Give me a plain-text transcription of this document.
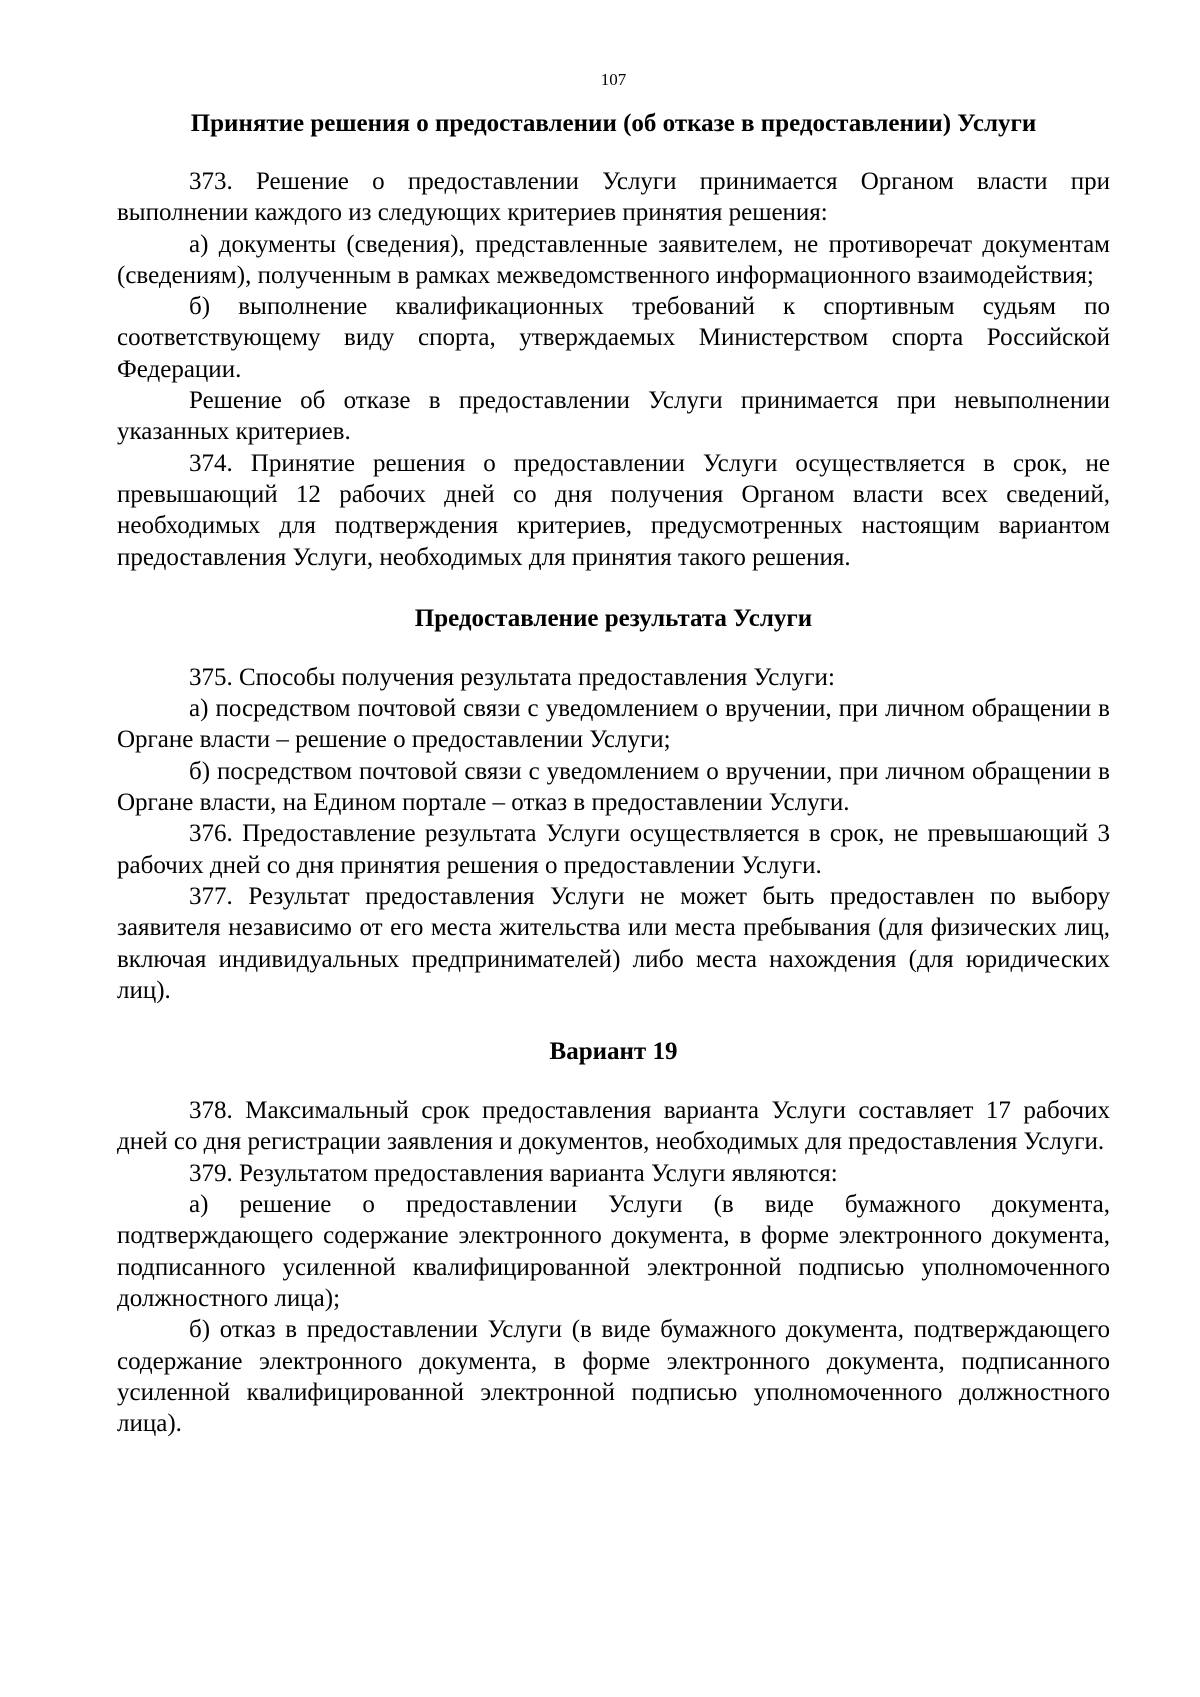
107
Принятие решения о предоставлении (об отказе в предоставлении) Услуги

373. Решение о предоставлении Услуги принимается Органом власти при выполнении каждого из следующих критериев принятия решения:

а) документы (сведения), представленные заявителем, не противоречат документам (сведениям), полученным в рамках межведомственного информационного взаимодействия;

б) выполнение квалификационных требований к спортивным судьям по соответствующему виду спорта, утверждаемых Министерством спорта Российской Федерации.

Решение об отказе в предоставлении Услуги принимается при невыполнении указанных критериев.

374. Принятие решения о предоставлении Услуги осуществляется в срок, не превышающий 12 рабочих дней со дня получения Органом власти всех сведений, необходимых для подтверждения критериев, предусмотренных настоящим вариантом предоставления Услуги, необходимых для принятия такого решения.

Предоставление результата Услуги

375. Способы получения результата предоставления Услуги:

а) посредством почтовой связи с уведомлением о вручении, при личном обращении в Органе власти – решение о предоставлении Услуги;

б) посредством почтовой связи с уведомлением о вручении, при личном обращении в Органе власти, на Едином портале – отказ в предоставлении Услуги.

376. Предоставление результата Услуги осуществляется в срок, не превышающий 3 рабочих дней со дня принятия решения о предоставлении Услуги.

377. Результат предоставления Услуги не может быть предоставлен по выбору заявителя независимо от его места жительства или места пребывания (для физических лиц, включая индивидуальных предпринимателей) либо места нахождения (для юридических лиц).

Вариант 19

378. Максимальный срок предоставления варианта Услуги составляет 17 рабочих дней со дня регистрации заявления и документов, необходимых для предоставления Услуги.

379. Результатом предоставления варианта Услуги являются:

а) решение о предоставлении Услуги (в виде бумажного документа, подтверждающего содержание электронного документа, в форме электронного документа, подписанного усиленной квалифицированной электронной подписью уполномоченного должностного лица);

б) отказ в предоставлении Услуги (в виде бумажного документа, подтверждающего содержание электронного документа, в форме электронного документа, подписанного усиленной квалифицированной электронной подписью уполномоченного должностного лица).
